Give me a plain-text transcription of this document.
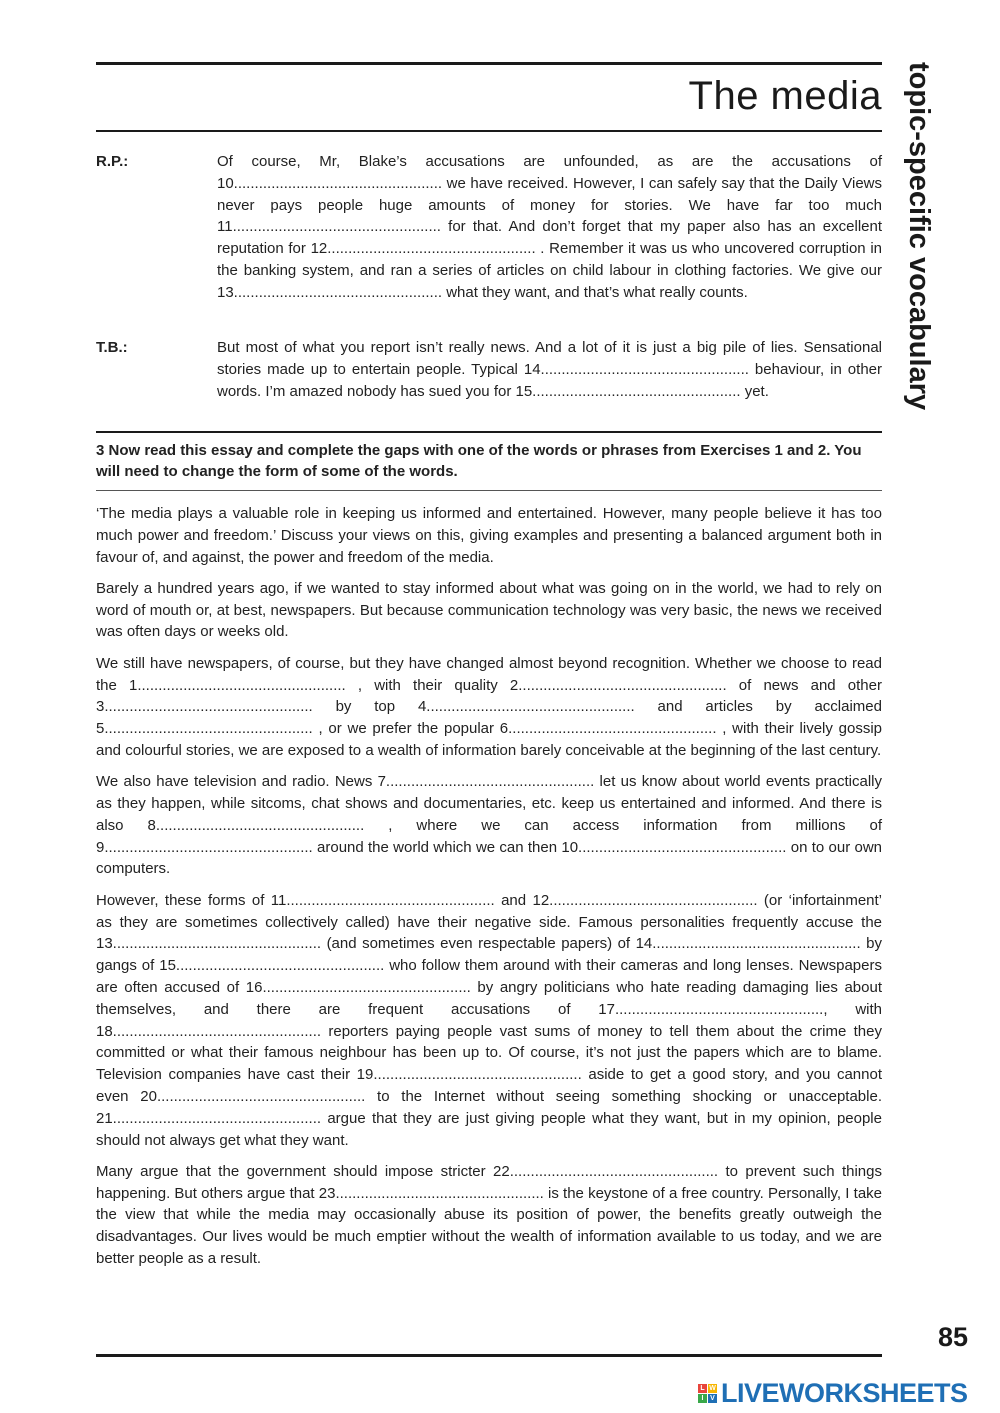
The media topic-specific vocabulary
R.P.:	Of course, Mr, Blake’s accusations are unfounded, as are the accusations of 10.................................................. we have received. However, I can safely say that the Daily Views never pays people huge amounts of money for stories. We have far too much 11.................................................. for that. And don’t forget that my paper also has an excellent reputation for 12.................................................. . Remember it was us who uncovered corruption in the banking system, and ran a series of articles on child labour in clothing factories. We give our 13.................................................. what they want, and that’s what really counts.
T.B.:	But most of what you report isn’t really news. And a lot of it is just a big pile of lies. Sensational stories made up to entertain people. Typical 14.................................................. behaviour, in other words. I’m amazed nobody has sued you for 15.................................................. yet.
3 Now read this essay and complete the gaps with one of the words or phrases from Exercises 1 and 2. You will need to change the form of some of the words.

‘The media plays a valuable role in keeping us informed and entertained. However, many people believe it has too much power and freedom.’ Discuss your views on this, giving examples and presenting a balanced argument both in favour of, and against, the power and freedom of the media.

Barely a hundred years ago, if we wanted to stay informed about what was going on in the world, we had to rely on word of mouth or, at best, newspapers. But because communication technology was very basic, the news we received was often days or weeks old.

We still have newspapers, of course, but they have changed almost beyond recognition. Whether we choose to read the 1.................................................. , with their quality 2.................................................. of news and other 3.................................................. by top 4.................................................. and articles by acclaimed 5.................................................. , or we prefer the popular 6.................................................. , with their lively gossip and colourful stories, we are exposed to a wealth of information barely conceivable at the beginning of the last century.

We also have television and radio. News 7.................................................. let us know about world events practically as they happen, while sitcoms, chat shows and documentaries, etc. keep us entertained and informed. And there is also 8.................................................. , where we can access information from millions of 9.................................................. around the world which we can then 10.................................................. on to our own computers.

However, these forms of 11.................................................. and 12.................................................. (or ‘infortainment’ as they are sometimes collectively called) have their negative side. Famous personalities frequently accuse the 13.................................................. (and sometimes even respectable papers) of 14.................................................. by gangs of 15.................................................. who follow them around with their cameras and long lenses. Newspapers are often accused of 16.................................................. by angry politicians who hate reading damaging lies about themselves, and there are frequent accusations of 17.................................................., with 18.................................................. reporters paying people vast sums of money to tell them about the crime they committed or what their famous neighbour has been up to. Of course, it’s not just the papers which are to blame. Television companies have cast their 19.................................................. aside to get a good story, and you cannot even 20.................................................. to the Internet without seeing something shocking or unacceptable. 21.................................................. argue that they are just giving people what they want, but in my opinion, people should not always get what they want.

Many argue that the government should impose stricter 22.................................................. to prevent such things happening. But others argue that 23.................................................. is the keystone of a free country. Personally, I take the view that while the media may occasionally abuse its position of power, the benefits greatly outweigh the disadvantages. Our lives would be much emptier without the wealth of information available to us today, and we are better people as a result.

85
L W
I V LIVEWORKSHEETS
